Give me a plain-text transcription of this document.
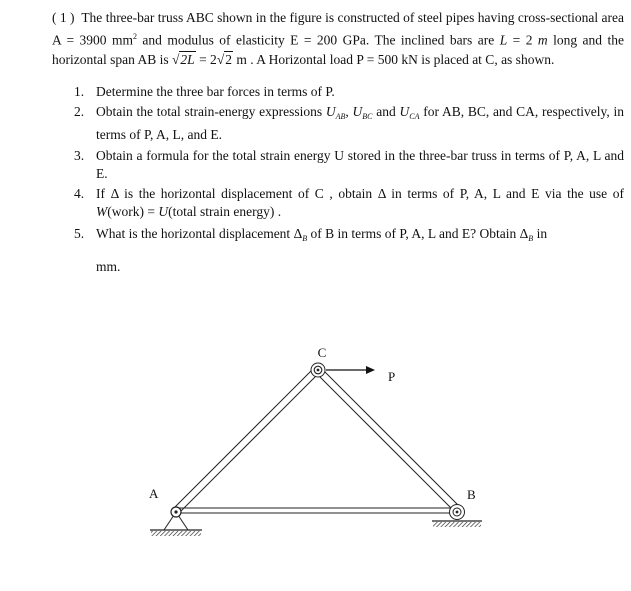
( 1 ) The three-bar truss ABC shown in the figure is constructed of steel pipes having cross-sectional area A = 3900 $mm^2$ and modulus of elasticity E = 200 GPa. The inclined bars are L = 2 m long and the horizontal span AB is √2L = 2√2 m . A Horizontal load P = 500 kN is placed at C, as shown.

1. Determine the three bar forces in terms of P.
2. Obtain the total strain-energy expressions $U_{AB}$, $U_{BC}$ and $U_{CA}$ for AB, BC, and CA, respectively, in terms of P, A, L, and E.
3. Obtain a formula for the total strain energy U stored in the three-bar truss in terms of P, A, L and E.
4. If Δ is the horizontal displacement of C , obtain Δ in terms of P, A, L and E via the use of W(work) = U(total strain energy) .
5. What is the horizontal displacement $\Delta_B$ of B in terms of P, A, L and E? Obtain $\Delta_B$ in
mm.
C
P
A	B
